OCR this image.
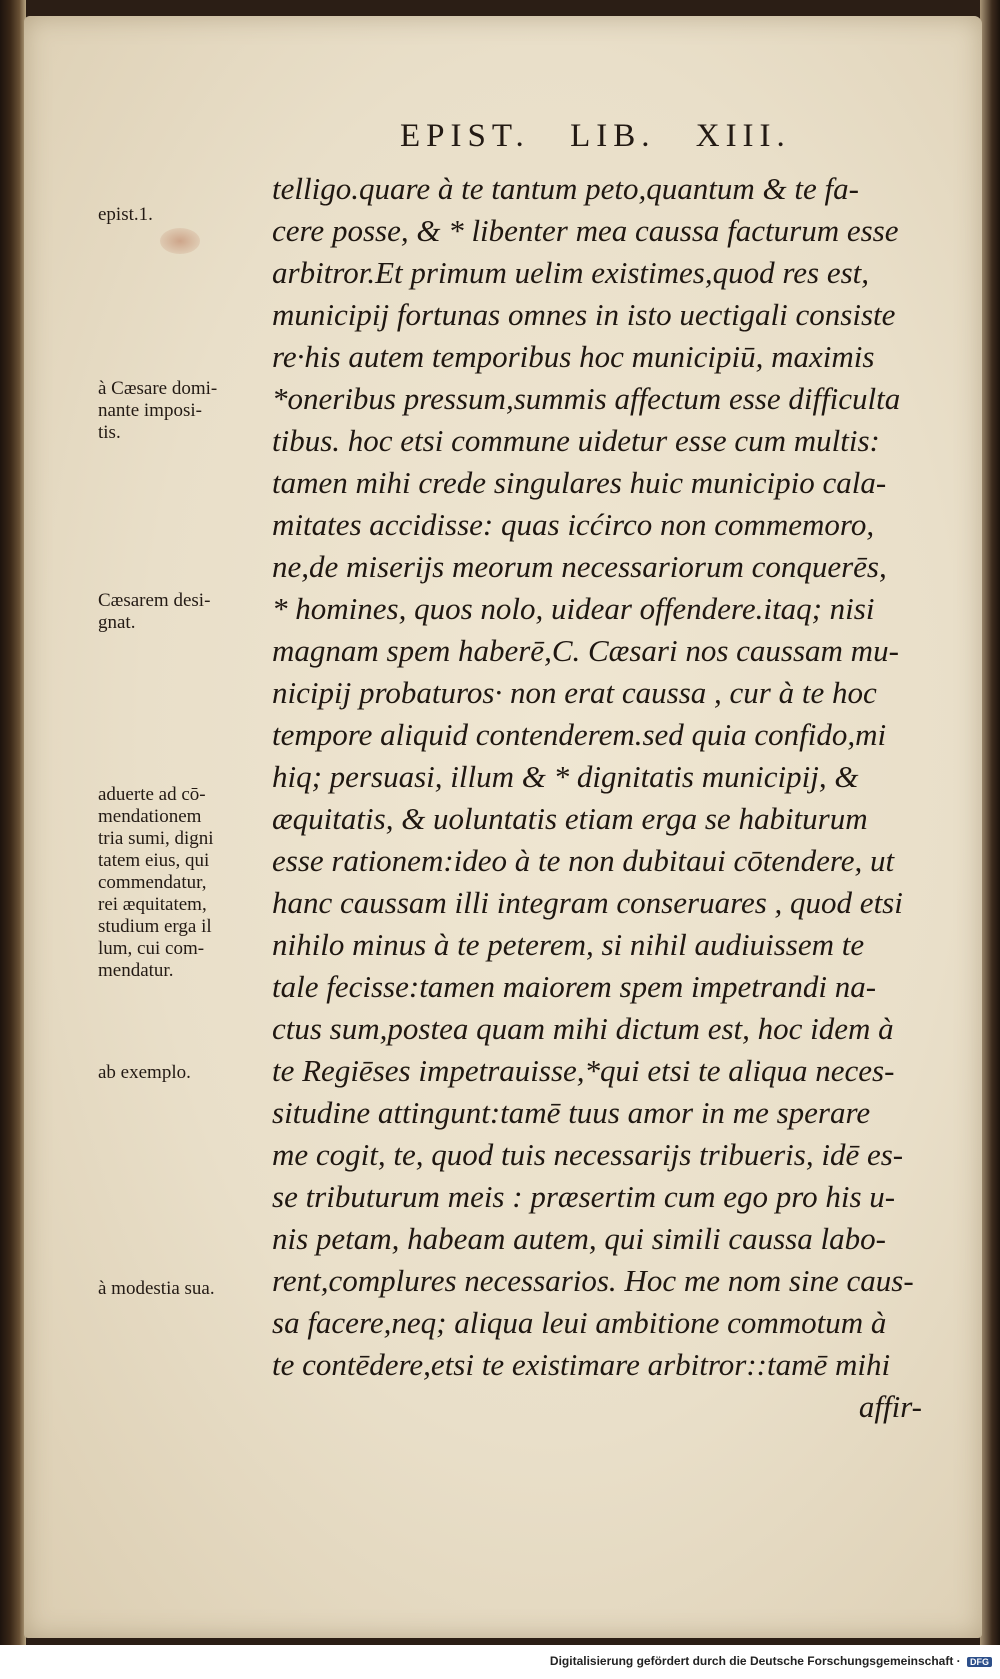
EPIST. LIB. XIII.
telligo.quare à te tantum peto,quantum & te fa-
cere posse, & * libenter mea caussa facturum esse
arbitror.Et primum uelim existimes,quod res est,
municipij fortunas omnes in isto uectigali consiste
re·his autem temporibus hoc municipiū, maximis
*oneribus pressum,summis affectum esse difficulta
tibus. hoc etsi commune uidetur esse cum multis:
tamen mihi crede singulares huic municipio cala-
mitates accidisse: quas icćirco non commemoro,
ne,de miserijs meorum necessariorum conquerēs,
* homines, quos nolo, uidear offendere.itaq; nisi
magnam spem haberē,C. Cæsari nos caussam mu-
nicipij probaturos· non erat caussa , cur à te hoc
tempore aliquid contenderem.sed quia confido,mi
hiq; persuasi, illum & * dignitatis municipij, &
æquitatis, & uoluntatis etiam erga se habiturum
esse rationem:ideo à te non dubitaui cōtendere, ut
hanc caussam illi integram conseruares , quod etsi
nihilo minus à te peterem, si nihil audiuissem te
tale fecisse:tamen maiorem spem impetrandi na-
ctus sum,postea quam mihi dictum est, hoc idem à
te Regiēses impetrauisse,*qui etsi te aliqua neces-
situdine attingunt:tamē tuus amor in me sperare
me cogit, te, quod tuis necessarijs tribueris, idē es-
se tributurum meis : præsertim cum ego pro his u-
nis petam, habeam autem, qui simili caussa labo-
rent,complures necessarios. Hoc me nom sine caus-
sa facere,neq; aliqua leui ambitione commotum à
te contēdere,etsi te existimare arbitror::tamē mihi
affir-
epist.1.
à Cæsare domi-
nante imposi-
tis.
Cæsarem desi-
gnat.
aduerte ad cō-
mendationem
tria sumi, digni
tatem eius, qui
commendatur,
rei æquitatem,
studium erga il
lum, cui com-
mendatur.
ab exemplo.
à modestia sua.
Digitalisierung gefördert durch die Deutsche Forschungsgemeinschaft · DFG
